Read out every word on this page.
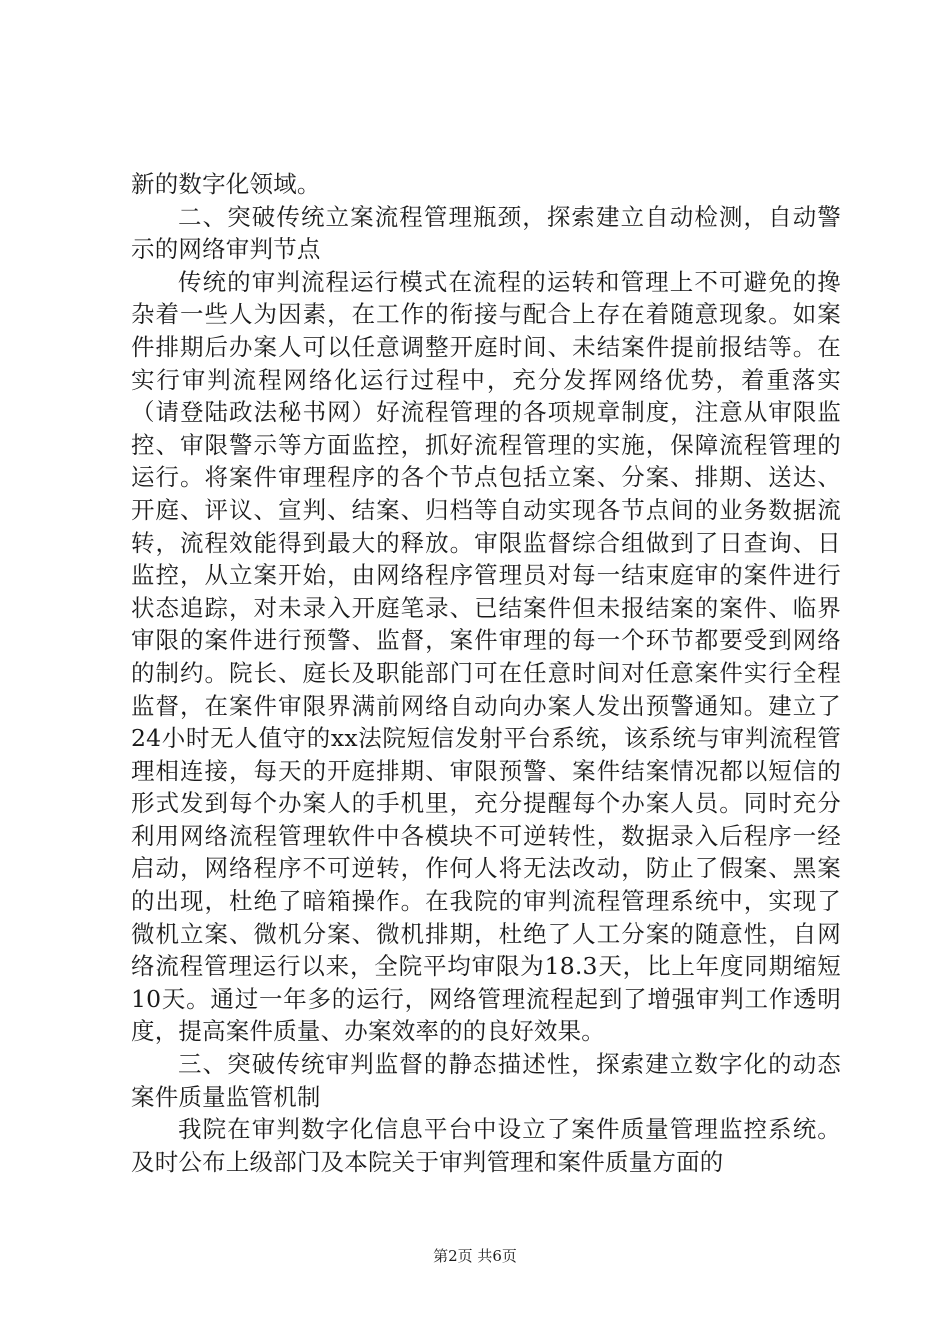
新的数字化领域。

二、突破传统立案流程管理瓶颈，探索建立自动检测，自动警示的网络审判节点

传统的审判流程运行模式在流程的运转和管理上不可避免的搀杂着一些人为因素，在工作的衔接与配合上存在着随意现象。如案件排期后办案人可以任意调整开庭时间、未结案件提前报结等。在实行审判流程网络化运行过程中，充分发挥网络优势，着重落实（请登陆政法秘书网）好流程管理的各项规章制度，注意从审限监控、审限警示等方面监控，抓好流程管理的实施，保障流程管理的运行。将案件审理程序的各个节点包括立案、分案、排期、送达、开庭、评议、宣判、结案、归档等自动实现各节点间的业务数据流转，流程效能得到最大的释放。审限监督综合组做到了日查询、日监控，从立案开始，由网络程序管理员对每一结束庭审的案件进行状态追踪，对未录入开庭笔录、已结案件但未报结案的案件、临界审限的案件进行预警、监督，案件审理的每一个环节都要受到网络的制约。院长、庭长及职能部门可在任意时间对任意案件实行全程监督，在案件审限界满前网络自动向办案人发出预警通知。建立了24小时无人值守的xx法院短信发射平台系统，该系统与审判流程管理相连接，每天的开庭排期、审限预警、案件结案情况都以短信的形式发到每个办案人的手机里，充分提醒每个办案人员。同时充分利用网络流程管理软件中各模块不可逆转性，数据录入后程序一经启动，网络程序不可逆转，作何人将无法改动，防止了假案、黑案的出现，杜绝了暗箱操作。在我院的审判流程管理系统中，实现了微机立案、微机分案、微机排期，杜绝了人工分案的随意性，自网络流程管理运行以来，全院平均审限为18.3天，比上年度同期缩短10天。通过一年多的运行，网络管理流程起到了增强审判工作透明度，提高案件质量、办案效率的的良好效果。

三、突破传统审判监督的静态描述性，探索建立数字化的动态案件质量监管机制

我院在审判数字化信息平台中设立了案件质量管理监控系统。及时公布上级部门及本院关于审判管理和案件质量方面的

第2页 共6页
